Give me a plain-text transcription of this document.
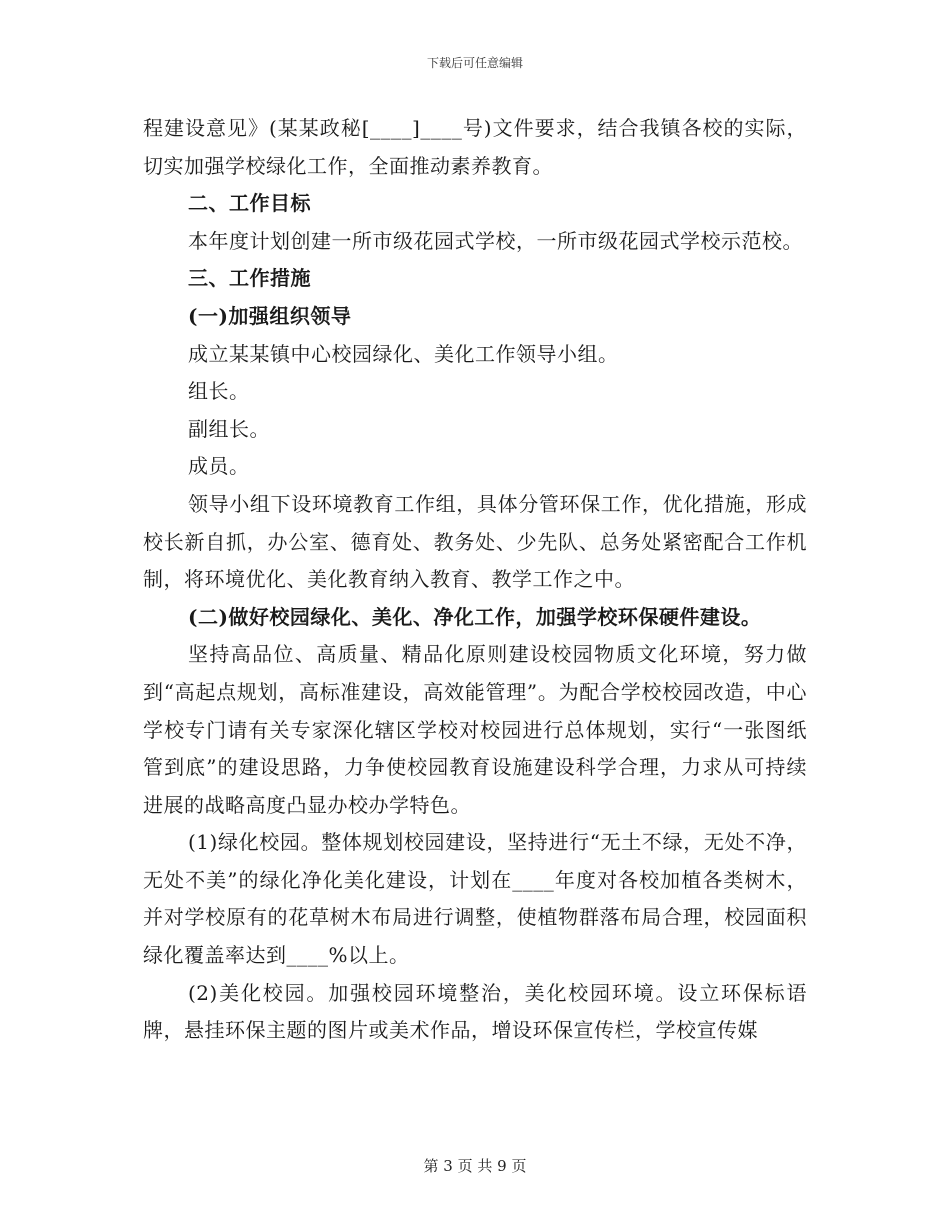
下载后可任意编辑

程建设意见》(某某政秘[____]____号)文件要求，结合我镇各校的实际，切实加强学校绿化工作，全面推动素养教育。

二、工作目标

本年度计划创建一所市级花园式学校，一所市级花园式学校示范校。

三、工作措施

(一)加强组织领导

成立某某镇中心校园绿化、美化工作领导小组。

组长。

副组长。

成员。

领导小组下设环境教育工作组，具体分管环保工作，优化措施，形成校长新自抓，办公室、德育处、教务处、少先队、总务处紧密配合工作机制，将环境优化、美化教育纳入教育、教学工作之中。

(二)做好校园绿化、美化、净化工作，加强学校环保硬件建设。

坚持高品位、高质量、精品化原则建设校园物质文化环境，努力做到“高起点规划，高标准建设，高效能管理”。为配合学校校园改造，中心学校专门请有关专家深化辖区学校对校园进行总体规划，实行“一张图纸管到底”的建设思路，力争使校园教育设施建设科学合理，力求从可持续进展的战略高度凸显办校办学特色。

(1)绿化校园。整体规划校园建设，坚持进行“无土不绿，无处不净，无处不美”的绿化净化美化建设，计划在____年度对各校加植各类树木，并对学校原有的花草树木布局进行调整，使植物群落布局合理，校园面积绿化覆盖率达到____%以上。

(2)美化校园。加强校园环境整治，美化校园环境。设立环保标语牌，悬挂环保主题的图片或美术作品，增设环保宣传栏，学校宣传媒

第 3 页 共 9 页
